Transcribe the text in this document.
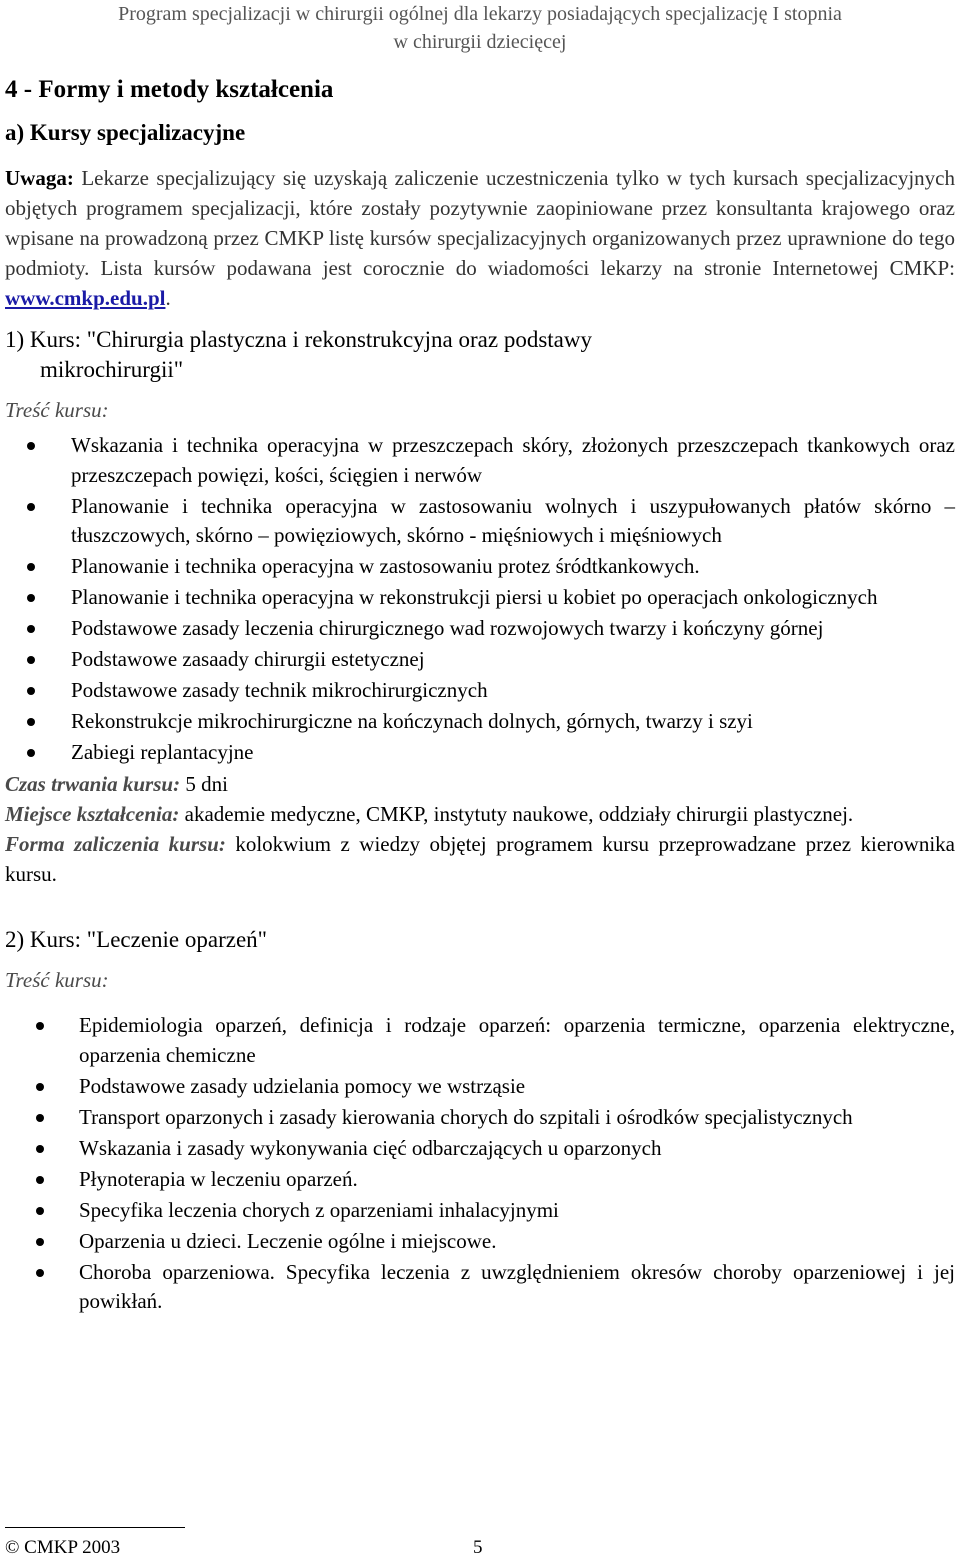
Program specjalizacji w chirurgii ogólnej dla lekarzy posiadających specjalizację I stopnia
w chirurgii dziecięcej
4 - Formy i metody kształcenia
a) Kursy specjalizacyjne

Uwaga: Lekarze specjalizujący się uzyskają zaliczenie uczestniczenia tylko w tych kursach specjalizacyjnych objętych programem specjalizacji, które zostały pozytywnie zaopiniowane przez konsultanta krajowego oraz wpisane na prowadzoną przez CMKP listę kursów specjalizacyjnych organizowanych przez uprawnione do tego podmioty. Lista kursów podawana jest corocznie do wiadomości lekarzy na stronie Internetowej CMKP: www.cmkp.edu.pl.

1) Kurs: "Chirurgia plastyczna i rekonstrukcyjna oraz podstawy
mikrochirurgii"
Treść kursu:
Wskazania i technika operacyjna w przeszczepach skóry, złożonych przeszczepach tkankowych oraz przeszczepach powięzi, kości, ścięgien i nerwów
Planowanie i technika operacyjna w zastosowaniu wolnych i uszypułowanych płatów skórno – tłuszczowych, skórno – powięziowych, skórno - mięśniowych i mięśniowych
Planowanie i technika operacyjna w zastosowaniu protez śródtkankowych.
Planowanie i technika operacyjna w rekonstrukcji piersi u kobiet po operacjach onkologicznych
Podstawowe zasady leczenia chirurgicznego wad rozwojowych twarzy i kończyny górnej
Podstawowe zasaady chirurgii estetycznej
Podstawowe zasady technik mikrochirurgicznych
Rekonstrukcje mikrochirurgiczne na kończynach dolnych, górnych, twarzy i szyi
Zabiegi replantacyjne

Czas trwania kursu: 5 dni

Miejsce kształcenia: akademie medyczne, CMKP, instytuty naukowe, oddziały chirurgii plastycznej.

Forma zaliczenia kursu: kolokwium z wiedzy objętej programem kursu przeprowadzane przez kierownika kursu.

2) Kurs: "Leczenie oparzeń"
Treść kursu:
Epidemiologia oparzeń, definicja i rodzaje oparzeń: oparzenia termiczne, oparzenia elektryczne, oparzenia chemiczne
Podstawowe zasady udzielania pomocy we wstrząsie
Transport oparzonych i zasady kierowania chorych do szpitali i ośrodków specjalistycznych
Wskazania i zasady wykonywania cięć odbarczających u oparzonych
Płynoterapia w leczeniu oparzeń.
Specyfika leczenia chorych z oparzeniami inhalacyjnymi
Oparzenia u dzieci. Leczenie ogólne i miejscowe.
Choroba oparzeniowa. Specyfika leczenia z uwzględnieniem okresów choroby oparzeniowej i jej powikłań.
© CMKP 2003	5
